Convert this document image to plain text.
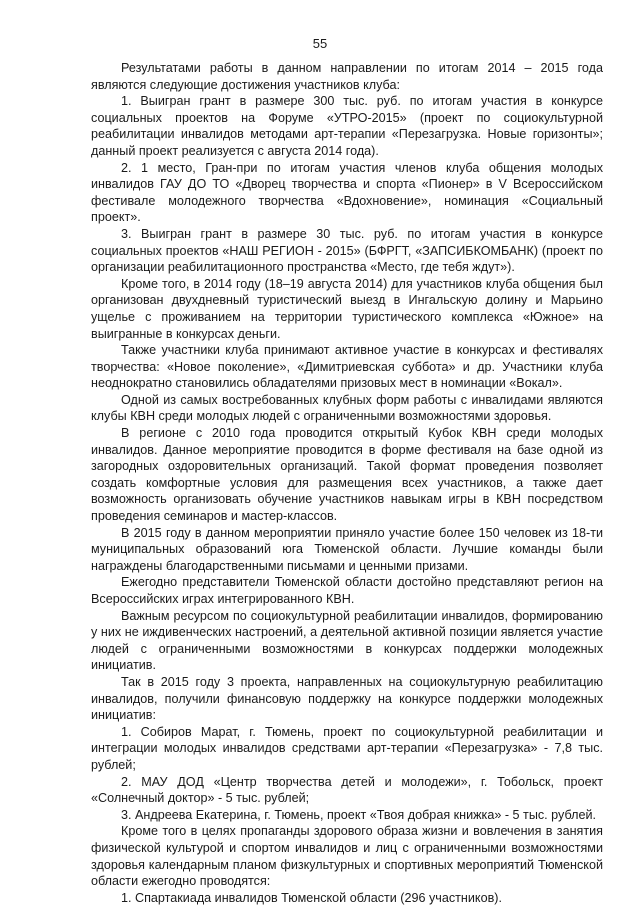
55

Результатами работы в данном направлении по итогам 2014 – 2015 года являются следующие достижения участников клуба:

1. Выигран грант в размере 300 тыс. руб. по итогам участия в конкурсе социальных проектов на Форуме «УТРО-2015» (проект по социокультурной реабилитации инвалидов методами арт-терапии «Перезагрузка. Новые горизонты»; данный проект реализуется с августа 2014 года).

2. 1 место, Гран-при по итогам участия членов клуба общения молодых инвалидов ГАУ ДО ТО «Дворец творчества и спорта «Пионер» в V Всероссийском фестивале молодежного творчества «Вдохновение», номинация «Социальный проект».

3. Выигран грант в размере 30 тыс. руб. по итогам участия в конкурсе социальных проектов «НАШ РЕГИОН - 2015» (БФРГТ, «ЗАПСИБКОМБАНК) (проект по организации реабилитационного пространства «Место, где тебя ждут»).

Кроме того, в 2014 году (18–19 августа 2014) для участников клуба общения был организован двухдневный туристический выезд в Ингальскую долину и Марьино ущелье с проживанием на территории туристического комплекса «Южное» на выигранные в конкурсах деньги.

Также участники клуба принимают активное участие в конкурсах и фестивалях творчества: «Новое поколение», «Димитриевская суббота» и др. Участники клуба неоднократно становились обладателями призовых мест в номинации «Вокал».

Одной из самых востребованных клубных форм работы с инвалидами являются клубы КВН среди молодых людей с ограниченными возможностями здоровья.

В регионе с 2010 года проводится открытый Кубок КВН среди молодых инвалидов. Данное мероприятие проводится в форме фестиваля на базе одной из загородных оздоровительных организаций. Такой формат проведения позволяет создать комфортные условия для размещения всех участников, а также дает возможность организовать обучение участников навыкам игры в КВН посредством проведения семинаров и мастер-классов.

В 2015 году в данном мероприятии приняло участие более 150 человек из 18-ти муниципальных образований юга Тюменской области. Лучшие команды были награждены благодарственными письмами и ценными призами.

Ежегодно представители Тюменской области достойно представляют регион на Всероссийских играх интегрированного КВН.

Важным ресурсом по социокультурной реабилитации инвалидов, формированию у них не иждивенческих настроений, а деятельной активной позиции является участие людей с ограниченными возможностями в конкурсах поддержки молодежных инициатив.

Так в 2015 году 3 проекта, направленных на социокультурную реабилитацию инвалидов, получили финансовую поддержку на конкурсе поддержки молодежных инициатив:

1. Собиров Марат, г. Тюмень, проект по социокультурной реабилитации и интеграции молодых инвалидов средствами арт-терапии «Перезагрузка» - 7,8 тыс. рублей;

2. МАУ ДОД «Центр творчества детей и молодежи», г. Тобольск, проект «Солнечный доктор» - 5 тыс. рублей;

3. Андреева Екатерина, г. Тюмень, проект «Твоя добрая книжка» - 5 тыс. рублей.

Кроме того в целях пропаганды здорового образа жизни и вовлечения в занятия физической культурой и спортом инвалидов и лиц с ограниченными возможностями здоровья календарным планом физкультурных и спортивных мероприятий Тюменской области ежегодно проводятся:

1. Спартакиада инвалидов Тюменской области (296 участников).
